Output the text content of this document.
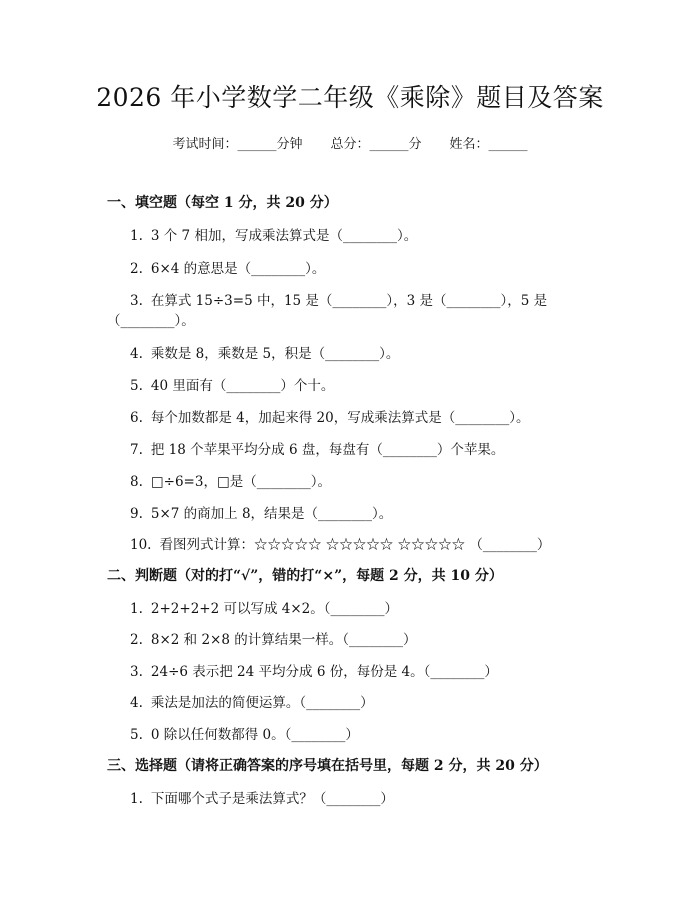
2026 年小学数学二年级《乘除》题目及答案
考试时间：______分钟 总分：______分 姓名：______
一、填空题（每空 1 分，共 20 分）
1. 3 个 7 相加，写成乘法算式是（________）。
2. 6×4 的意思是（________）。
3. 在算式 15÷3=5 中，15 是（________），3 是（________），5 是
（________）。
4. 乘数是 8，乘数是 5，积是（________）。
5. 40 里面有（________）个十。
6. 每个加数都是 4，加起来得 20，写成乘法算式是（________）。
7. 把 18 个苹果平均分成 6 盘，每盘有（________）个苹果。
8. □÷6=3，□是（________）。
9. 5×7 的商加上 8，结果是（________）。
10. 看图列式计算：☆☆☆☆☆ ☆☆☆☆☆ ☆☆☆☆☆ （________）
二、判断题（对的打“√”，错的打“×”，每题 2 分，共 10 分）
1. 2+2+2+2 可以写成 4×2。（________）
2. 8×2 和 2×8 的计算结果一样。（________）
3. 24÷6 表示把 24 平均分成 6 份，每份是 4。（________）
4. 乘法是加法的简便运算。（________）
5. 0 除以任何数都得 0。（________）
三、选择题（请将正确答案的序号填在括号里，每题 2 分，共 20 分）
1. 下面哪个式子是乘法算式？（________）
